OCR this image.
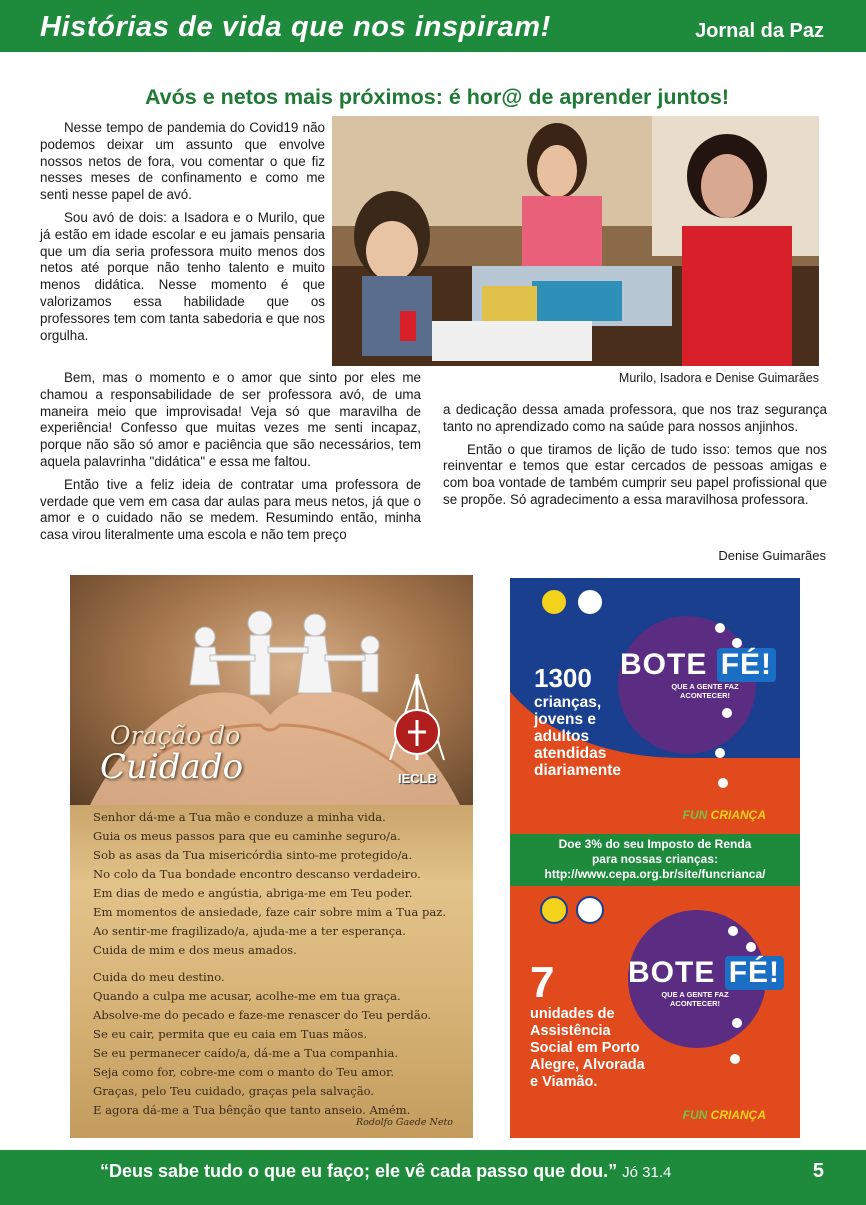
Histórias de vida que nos inspiram!	Jornal da Paz
Avós e netos mais próximos: é hor@ de aprender juntos!

Nesse tempo de pandemia do Covid19 não podemos deixar um assunto que envolve nossos netos de fora, vou comentar o que fiz nesses meses de confinamento e como me senti nesse papel de avó.

Sou avó de dois: a Isadora e o Murilo, que já estão em idade escolar e eu jamais pensaria que um dia seria professora muito menos dos netos até porque não tenho talento e muito menos didática. Nesse momento é que valorizamos essa habilidade que os professores tem com tanta sabedoria e que nos orgulha.

Murilo, Isadora e Denise Guimarães

Bem, mas o momento e o amor que sinto por eles me chamou a responsabilidade de ser professora avó, de uma maneira meio que improvisada! Veja só que maravilha de experiência! Confesso que muitas vezes me senti incapaz, porque não são só amor e paciência que são necessários, tem aquela palavrinha "didática" e essa me faltou.

Então tive a feliz ideia de contratar uma professora de verdade que vem em casa dar aulas para meus netos, já que o amor e o cuidado não se medem. Resumindo então, minha casa virou literalmente uma escola e não tem preço

a dedicação dessa amada professora, que nos traz segurança tanto no aprendizado como na saúde para nossos anjinhos.

Então o que tiramos de lição de tudo isso: temos que nos reinventar e temos que estar cercados de pessoas amigas e com boa vontade de também cumprir seu papel profissional que se propõe. Só agradecimento a essa maravilhosa professora.

Denise Guimarães
Oração do
Cuidado	IECLB
Senhor dá-me a Tua mão e conduze a minha vida.
Guia os meus passos para que eu caminhe seguro/a.
Sob as asas da Tua misericórdia sinto-me protegido/a.
No colo da Tua bondade encontro descanso verdadeiro.
Em dias de medo e angústia, abriga-me em Teu poder.
Em momentos de ansiedade, faze cair sobre mim a Tua paz.
Ao sentir-me fragilizado/a, ajuda-me a ter esperança.
Cuida de mim e dos meus amados.
Cuida do meu destino.
Quando a culpa me acusar, acolhe-me em tua graça.
Absolve-me do pecado e faze-me renascer do Teu perdão.
Se eu cair, permita que eu caia em Tuas mãos.
Se eu permanecer caído/a, dá-me a Tua companhia.
Seja como for, cobre-me com o manto do Teu amor.
Graças, pelo Teu cuidado, graças pela salvação.
E agora dá-me a Tua bênção que tanto anseio. Amém.
Rodolfo Gaede Neto
BOTE FÉ!
QUE A GENTE FAZ ACONTECER!
1300
crianças,
jovens e
adultos
atendidas
diariamente
FUN CRIANÇA
Doe 3% do seu Imposto de Renda
para nossas crianças:
http://www.cepa.org.br/site/funcrianca/
BOTE FÉ!
QUE A GENTE FAZ ACONTECER!
7
unidades de
Assistência
Social em Porto
Alegre, Alvorada
e Viamão.
FUN CRIANÇA
“Deus sabe tudo o que eu faço; ele vê cada passo que dou.” Jó 31.4	5
